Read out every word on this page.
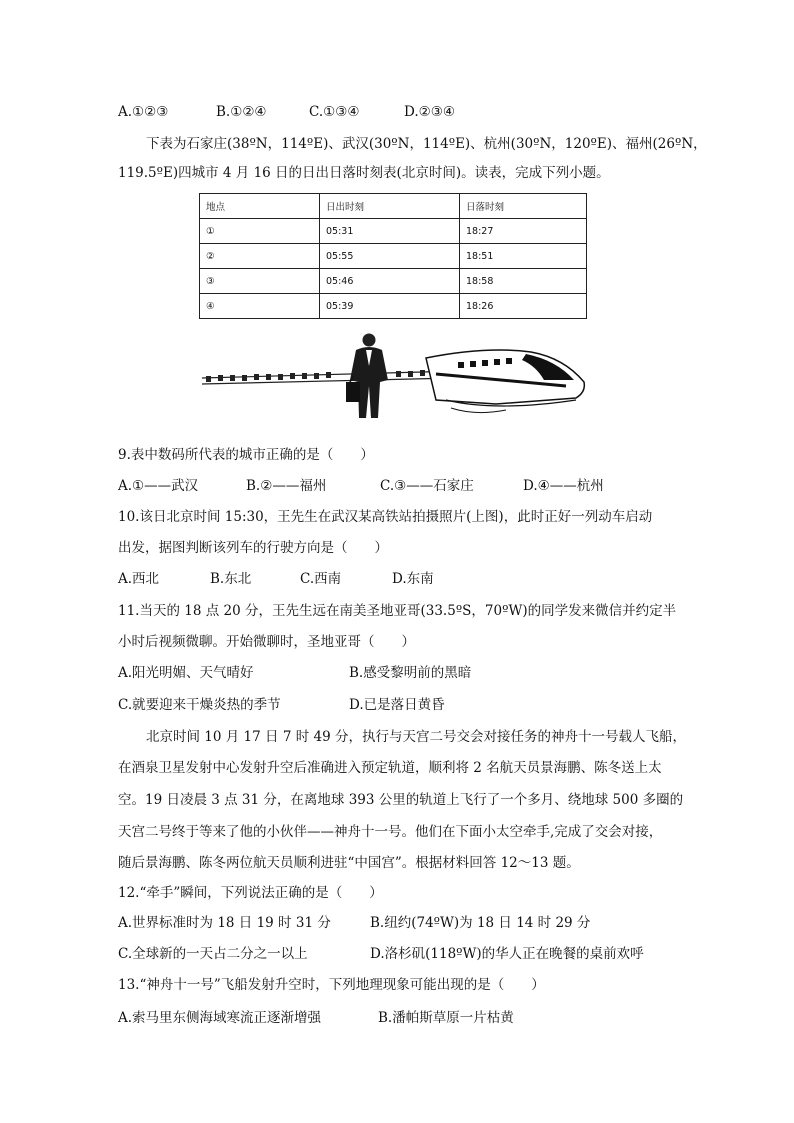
A.①②③	B.①②④	C.①③④	D.②③④
下表为石家庄(38ºN，114ºE)、武汉(30ºN，114ºE)、杭州(30ºN，120ºE)、福州(26ºN，
119.5ºE)四城市 4 月 16 日的日出日落时刻表(北京时间)。读表，完成下列小题。
地点	日出时刻	日落时刻
①	05:31	18:27
②	05:55	18:51
③	05:46	18:58
④	05:39	18:26
9.表中数码所代表的城市正确的是（　　）
A.①——武汉	B.②——福州	C.③——石家庄	D.④——杭州
10.该日北京时间 15:30，王先生在武汉某高铁站拍摄照片(上图)，此时正好一列动车启动
出发，据图判断该列车的行驶方向是（　　）
A.西北	B.东北	C.西南	D.东南
11.当天的 18 点 20 分，王先生远在南美圣地亚哥(33.5ºS，70ºW)的同学发来微信并约定半
小时后视频微聊。开始微聊时，圣地亚哥（　　）
A.阳光明媚、天气晴好	B.感受黎明前的黑暗
C.就要迎来干燥炎热的季节	D.已是落日黄昏
北京时间 10 月 17 日 7 时 49 分，执行与天宫二号交会对接任务的神舟十一号载人飞船，
在酒泉卫星发射中心发射升空后准确进入预定轨道，顺利将 2 名航天员景海鹏、陈冬送上太
空。19 日凌晨 3 点 31 分，在离地球 393 公里的轨道上飞行了一个多月、绕地球 500 多圈的
天宫二号终于等来了他的小伙伴——神舟十一号。他们在下面小太空牵手,完成了交会对接，
随后景海鹏、陈冬两位航天员顺利进驻“中国宫”。根据材料回答 12～13 题。
12.“牵手”瞬间，下列说法正确的是（　　）
A.世界标准时为 18 日 19 时 31 分	B.纽约(74ºW)为 18 日 14 时 29 分
C.全球新的一天占二分之一以上	D.洛杉矶(118ºW)的华人正在晚餐的桌前欢呼
13.“神舟十一号”飞船发射升空时，下列地理现象可能出现的是（　　）
A.索马里东侧海域寒流正逐渐增强	B.潘帕斯草原一片枯黄
